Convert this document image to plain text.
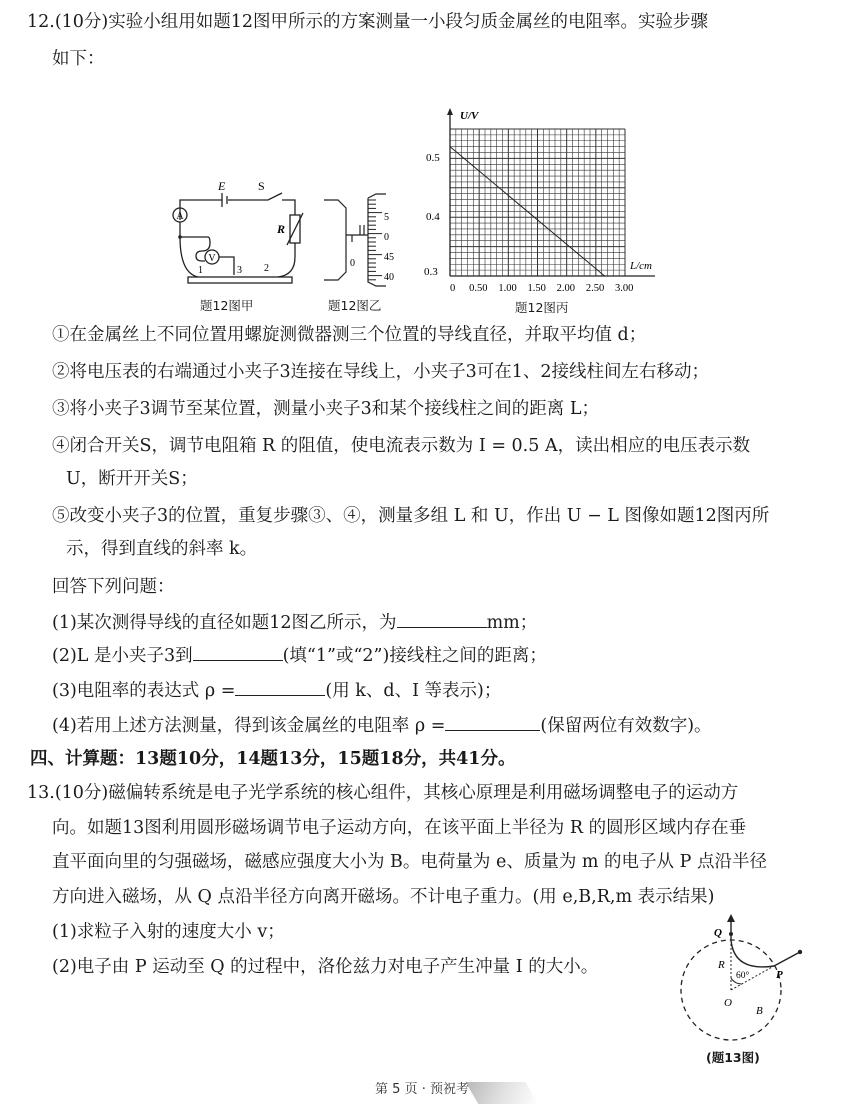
12.(10分)实验小组用如题12图甲所示的方案测量一小段匀质金属丝的电阻率。实验步骤
如下：
A
V
E	S
R
1	3 2
题12图甲
0
5
0
45
40
题12图乙
U/V
L/cm
0.5
0.4
0.3
0 0.50 1.00 1.50 2.00 2.50 3.00
题12图丙
①在金属丝上不同位置用螺旋测微器测三个位置的导线直径，并取平均值 d；
②将电压表的右端通过小夹子3连接在导线上，小夹子3可在1、2接线柱间左右移动；
③将小夹子3调节至某位置，测量小夹子3和某个接线柱之间的距离 L；
④闭合开关S，调节电阻箱 R 的阻值，使电流表示数为 I = 0.5 A，读出相应的电压表示数
U，断开开关S；
⑤改变小夹子3的位置，重复步骤③、④，测量多组 L 和 U，作出 U − L 图像如题12图丙所
示，得到直线的斜率 k。
回答下列问题：
(1)某次测得导线的直径如题12图乙所示，为	mm；
(2)L 是小夹子3到	(填“1”或“2”)接线柱之间的距离；
(3)电阻率的表达式 ρ =	(用 k、d、I 等表示)；
(4)若用上述方法测量，得到该金属丝的电阻率 ρ =	(保留两位有效数字)。
四、计算题：13题10分，14题13分，15题18分，共41分。
13.(10分)磁偏转系统是电子光学系统的核心组件，其核心原理是利用磁场调整电子的运动方
向。如题13图利用圆形磁场调节电子运动方向，在该平面上半径为 R 的圆形区域内存在垂
直平面向里的匀强磁场，磁感应强度大小为 B。电荷量为 e、质量为 m 的电子从 P 点沿半径
方向进入磁场，从 Q 点沿半径方向离开磁场。不计电子重力。(用 e,B,R,m 表示结果)
(1)求粒子入射的速度大小 v；
(2)电子由 P 运动至 Q 的过程中，洛伦兹力对电子产生冲量 I 的大小。
Q
P
R
O
B
60°
(题13图)
第 5 页 · 预祝考
